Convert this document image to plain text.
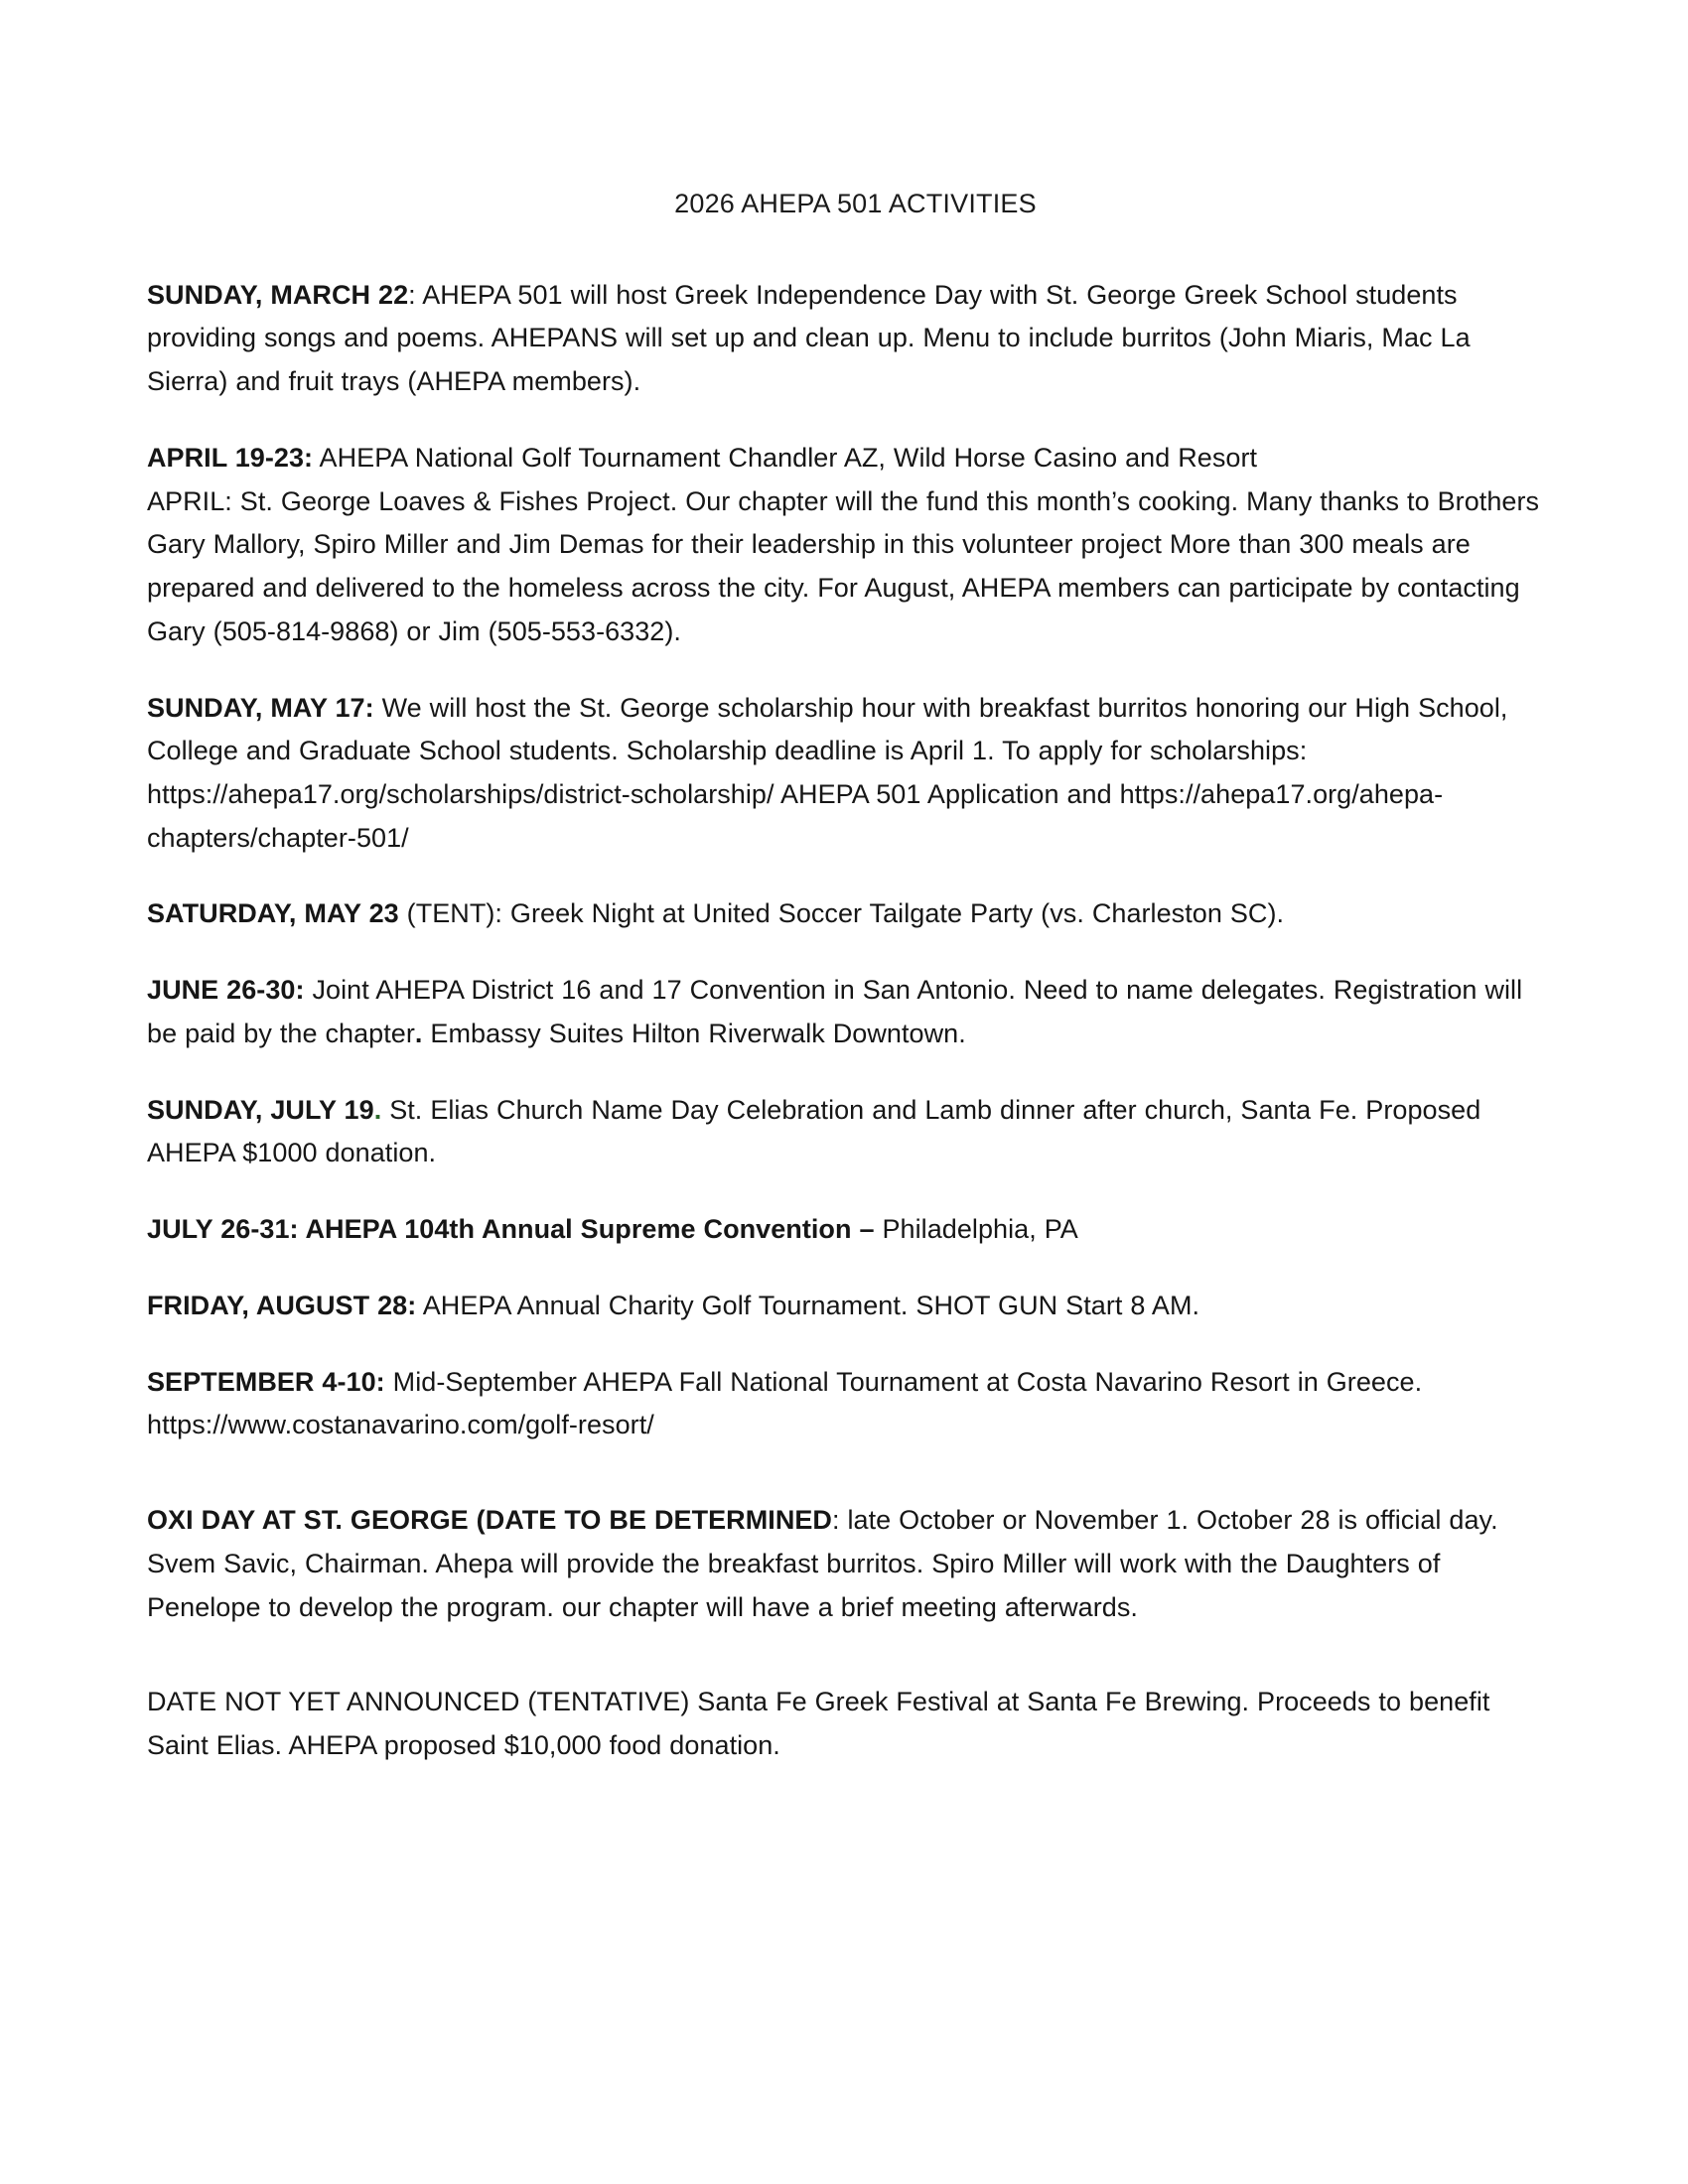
2026 AHEPA 501 ACTIVITIES

SUNDAY, MARCH 22: AHEPA 501 will host Greek Independence Day with St. George Greek School students providing songs and poems. AHEPANS will set up and clean up. Menu to include burritos (John Miaris, Mac La Sierra) and fruit trays (AHEPA members).

APRIL 19-23: AHEPA National Golf Tournament Chandler AZ, Wild Horse Casino and Resort
APRIL: St. George Loaves & Fishes Project. Our chapter will the fund this month’s cooking. Many thanks to Brothers Gary Mallory, Spiro Miller and Jim Demas for their leadership in this volunteer project More than 300 meals are prepared and delivered to the homeless across the city. For August, AHEPA members can participate by contacting Gary (505-814-9868) or Jim (505-553-6332).

SUNDAY, MAY 17: We will host the St. George scholarship hour with breakfast burritos honoring our High School, College and Graduate School students. Scholarship deadline is April 1. To apply for scholarships: https://ahepa17.org/scholarships/district-scholarship/ AHEPA 501 Application and https://ahepa17.org/ahepa-chapters/chapter-501/

SATURDAY, MAY 23 (TENT): Greek Night at United Soccer Tailgate Party (vs. Charleston SC).

JUNE 26-30: Joint AHEPA District 16 and 17 Convention in San Antonio. Need to name delegates. Registration will be paid by the chapter. Embassy Suites Hilton Riverwalk Downtown.

SUNDAY, JULY 19. St. Elias Church Name Day Celebration and Lamb dinner after church, Santa Fe. Proposed AHEPA $1000 donation.

JULY 26-31: AHEPA 104th Annual Supreme Convention – Philadelphia, PA

FRIDAY, AUGUST 28: AHEPA Annual Charity Golf Tournament. SHOT GUN Start 8 AM.

SEPTEMBER 4-10: Mid-September AHEPA Fall National Tournament at Costa Navarino Resort in Greece. https://www.costanavarino.com/golf-resort/

OXI DAY AT ST. GEORGE (DATE TO BE DETERMINED: late October or November 1. October 28 is official day. Svem Savic, Chairman. Ahepa will provide the breakfast burritos. Spiro Miller will work with the Daughters of Penelope to develop the program. our chapter will have a brief meeting afterwards.

DATE NOT YET ANNOUNCED (TENTATIVE) Santa Fe Greek Festival at Santa Fe Brewing. Proceeds to benefit Saint Elias. AHEPA proposed $10,000 food donation.
